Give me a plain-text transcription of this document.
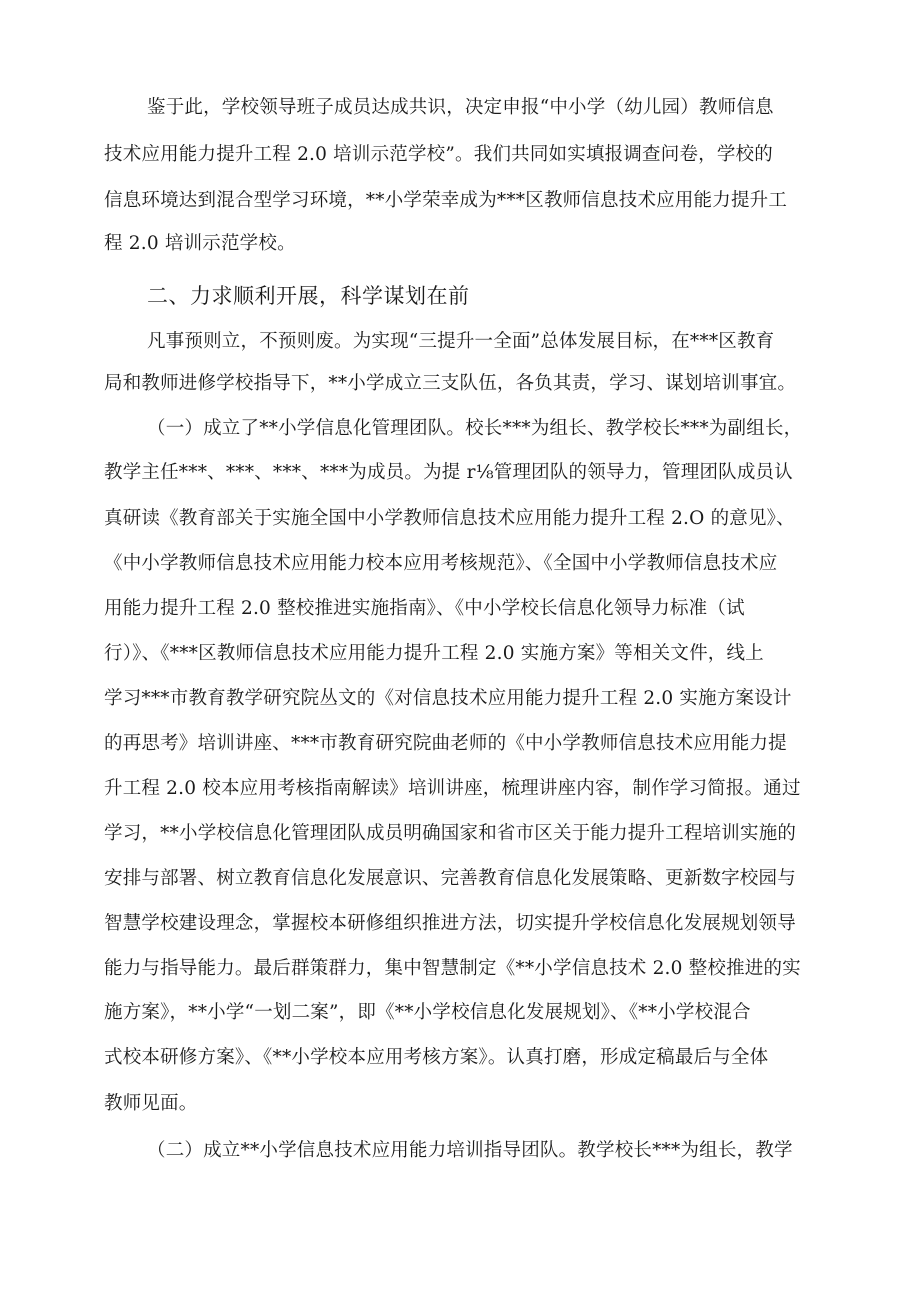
鉴于此，学校领导班子成员达成共识，决定申报“中小学（幼儿园）教师信息
技术应用能力提升工程 2.0 培训示范学校”。我们共同如实填报调查问卷，学校的
信息环境达到混合型学习环境，**小学荣幸成为***区教师信息技术应用能力提升工
程 2.0 培训示范学校。
二、力求顺利开展，科学谋划在前
凡事预则立，不预则废。为实现“三提升一全面”总体发展目标，在***区教育
局和教师进修学校指导下，**小学成立三支队伍，各负其责，学习、谋划培训事宜。
（一）成立了**小学信息化管理团队。校长***为组长、教学校长***为副组长，
教学主任***、***、***、***为成员。为提 r⅛管理团队的领导力，管理团队成员认
真研读《教育部关于实施全国中小学教师信息技术应用能力提升工程 2.O 的意见》、
《中小学教师信息技术应用能力校本应用考核规范》、《全国中小学教师信息技术应
用能力提升工程 2.0 整校推进实施指南》、《中小学校长信息化领导力标准（试
行）》、《***区教师信息技术应用能力提升工程 2.0 实施方案》等相关文件，线上
学习***市教育教学研究院丛文的《对信息技术应用能力提升工程 2.0 实施方案设计
的再思考》培训讲座、***市教育研究院曲老师的《中小学教师信息技术应用能力提
升工程 2.0 校本应用考核指南解读》培训讲座，梳理讲座内容，制作学习简报。通过
学习，**小学校信息化管理团队成员明确国家和省市区关于能力提升工程培训实施的
安排与部署、树立教育信息化发展意识、完善教育信息化发展策略、更新数字校园与
智慧学校建设理念，掌握校本研修组织推进方法，切实提升学校信息化发展规划领导
能力与指导能力。最后群策群力，集中智慧制定《**小学信息技术 2.0 整校推进的实
施方案》，**小学“一划二案”，即《**小学校信息化发展规划》、《**小学校混合
式校本研修方案》、《**小学校本应用考核方案》。认真打磨，形成定稿最后与全体
教师见面。
（二）成立**小学信息技术应用能力培训指导团队。教学校长***为组长，教学
